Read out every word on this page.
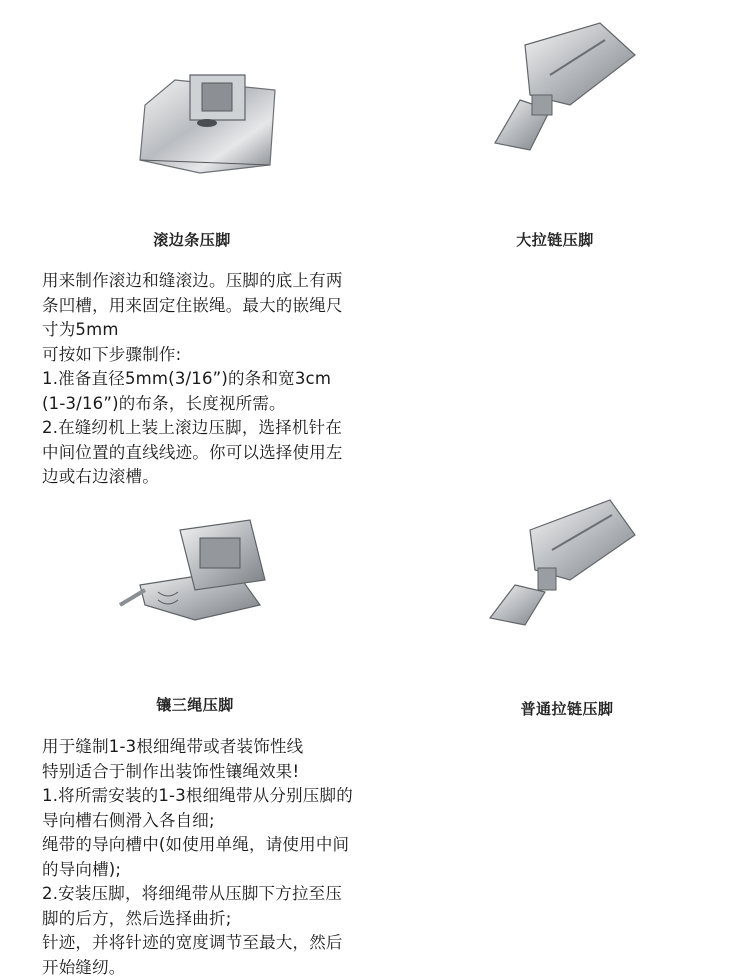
滚边条压脚	大拉链压脚
用来制作滚边和缝滚边。压脚的底上有两
条凹槽，用来固定住嵌绳。最大的嵌绳尺
寸为5mm
可按如下步骤制作:
1.准备直径5mm(3/16”)的条和宽3cm
(1-3/16”)的布条，长度视所需。
2.在缝纫机上装上滚边压脚，选择机针在
中间位置的直线线迹。你可以选择使用左
边或右边滚槽。
镶三绳压脚	普通拉链压脚
用于缝制1-3根细绳带或者装饰性线
特别适合于制作出装饰性镶绳效果!
1.将所需安装的1-3根细绳带从分别压脚的
导向槽右侧滑入各自细;
绳带的导向槽中(如使用单绳，请使用中间
的导向槽);
2.安装压脚，将细绳带从压脚下方拉至压
脚的后方，然后选择曲折;
针迹，并将针迹的宽度调节至最大，然后
开始缝纫。
